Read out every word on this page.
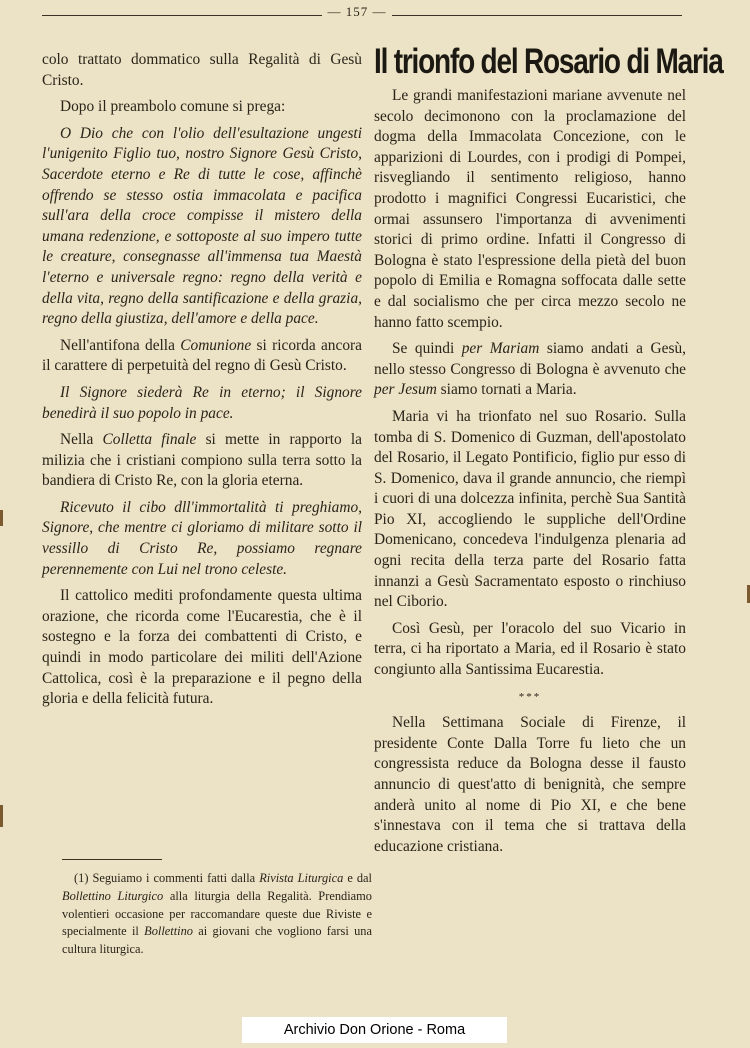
— 157 —

colo trattato dommatico sulla Regalità di Gesù Cristo.

Dopo il preambolo comune si prega:

O Dio che con l'olio dell'esultazione ungesti l'unigenito Figlio tuo, nostro Signore Gesù Cristo, Sacerdote eterno e Re di tutte le cose, affinchè offrendo se stesso ostia immacolata e pacifica sull'ara della croce compisse il mistero della umana redenzione, e sottoposte al suo impero tutte le creature, consegnasse all'immensa tua Maestà l'eterno e universale regno: regno della verità e della vita, regno della santificazione e della grazia, regno della giustiza, dell'amore e della pace.

Nell'antifona della Comunione si ricorda ancora il carattere di perpetuità del regno di Gesù Cristo.

Il Signore siederà Re in eterno; il Signore benedirà il suo popolo in pace.

Nella Colletta finale si mette in rapporto la milizia che i cristiani compiono sulla terra sotto la bandiera di Cristo Re, con la gloria eterna.

Ricevuto il cibo dll'immortalità ti preghiamo, Signore, che mentre ci gloriamo di militare sotto il vessillo di Cristo Re, possiamo regnare perennemente con Lui nel trono celeste.

Il cattolico mediti profondamente questa ultima orazione, che ricorda come l'Eucarestia, che è il sostegno e la forza dei combattenti di Cristo, e quindi in modo particolare dei militi dell'Azione Cattolica, così è la preparazione e il pegno della gloria e della felicità futura.

(1) Seguiamo i commenti fatti dalla Rivista Liturgica e dal Bollettino Liturgico alla liturgia della Regalità. Prendiamo volentieri occasione per raccomandare queste due Riviste e specialmente il Bollettino ai giovani che vogliono farsi una cultura liturgica.

Il trionfo del Rosario di Maria

Le grandi manifestazioni mariane avvenute nel secolo decimonono con la proclamazione del dogma della Immacolata Concezione, con le apparizioni di Lourdes, con i prodigi di Pompei, risvegliando il sentimento religioso, hanno prodotto i magnifici Congressi Eucaristici, che ormai assunsero l'importanza di avvenimenti storici di primo ordine. Infatti il Congresso di Bologna è stato l'espressione della pietà del buon popolo di Emilia e Romagna soffocata dalle sette e dal socialismo che per circa mezzo secolo ne hanno fatto scempio.

Se quindi per Mariam siamo andati a Gesù, nello stesso Congresso di Bologna è avvenuto che per Jesum siamo tornati a Maria.

Maria vi ha trionfato nel suo Rosario. Sulla tomba di S. Domenico di Guzman, dell'apostolato del Rosario, il Legato Pontificio, figlio pur esso di S. Domenico, dava il grande annuncio, che riempì i cuori di una dolcezza infinita, perchè Sua Santità Pio XI, accogliendo le suppliche dell'Ordine Domenicano, concedeva l'indulgenza plenaria ad ogni recita della terza parte del Rosario fatta innanzi a Gesù Sacramentato esposto o rinchiuso nel Ciborio.

Così Gesù, per l'oracolo del suo Vicario in terra, ci ha riportato a Maria, ed il Rosario è stato congiunto alla Santissima Eucarestia.

***

Nella Settimana Sociale di Firenze, il presidente Conte Dalla Torre fu lieto che un congressista reduce da Bologna desse il fausto annuncio di quest'atto di benignità, che sempre anderà unito al nome di Pio XI, e che bene s'innestava con il tema che si trattava della educazione cristiana.

Archivio Don Orione - Roma
